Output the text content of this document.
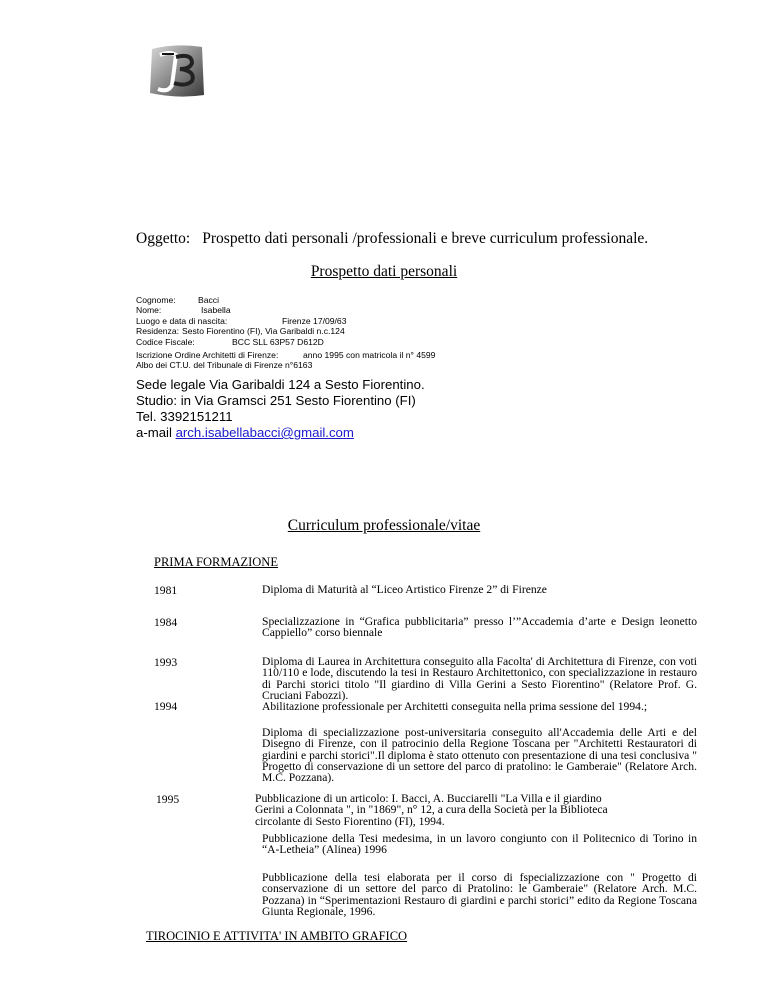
Oggetto: Prospetto dati personali /professionali e breve curriculum professionale.
Prospetto dati personali
Cognome:	Bacci
Nome:	Isabella
Luogo e data di nascita:	Firenze 17/09/63
Residenza: Sesto Fiorentino (FI), Via Garibaldi n.c.124
Codice Fiscale:	BCC SLL 63P57 D612D
Iscrizione Ordine Architetti di Firenze:	anno 1995 con matricola il n° 4599
Albo dei CT.U. del Tribunale di Firenze n°6163
Sede legale Via Garibaldi 124 a Sesto Fiorentino.
Studio: in Via Gramsci 251 Sesto Fiorentino (FI)
Tel. 3392151211
a-mail arch.isabellabacci@gmail.com
Curriculum professionale/vitae
PRIMA FORMAZIONE
1981	Diploma di Maturità al “Liceo Artistico Firenze 2” di Firenze
1984	Specializzazione in “Grafica pubblicitaria” presso l’”Accademia d’arte e Design leonetto Cappiello” corso biennale
1993	Diploma di Laurea in Architettura conseguito alla Facolta' di Architettura di Firenze, con voti 110/110 e lode, discutendo la tesi in Restauro Architettonico, con specializzazione in restauro di Parchi storici titolo "Il giardino di Villa Gerini a Sesto Fiorentino" (Relatore Prof. G. Cruciani Fabozzi).
1994	Abilitazione professionale per Architetti conseguita nella prima sessione del 1994.;
Diploma di specializzazione post-universitaria conseguito all'Accademia delle Arti e del Disegno di Firenze, con il patrocinio della Regione Toscana per "Architetti Restauratori di giardini e parchi storici".Il diploma è stato ottenuto con presentazione di una tesi conclusiva " Progetto di conservazione di un settore del parco di pratolino: le Gamberaie" (Relatore Arch. M.C. Pozzana).
1995	Pubblicazione di un articolo: I. Bacci, A. Bucciarelli "La Villa e il giardino Gerini a Colonnata ", in "1869", n° 12, a cura della Società per la Biblioteca circolante di Sesto Fiorentino (FI), 1994.
Pubblicazione della Tesi medesima, in un lavoro congiunto con il Politecnico di Torino in “A-Letheia” (Alinea) 1996
Pubblicazione della tesi elaborata per il corso di fspecializzazione con " Progetto di conservazione di un settore del parco di Pratolino: le Gamberaie" (Relatore Arch. M.C. Pozzana) in “Sperimentazioni Restauro di giardini e parchi storici” edito da Regione Toscana Giunta Regionale, 1996.
TIROCINIO E ATTIVITA' IN AMBITO GRAFICO
